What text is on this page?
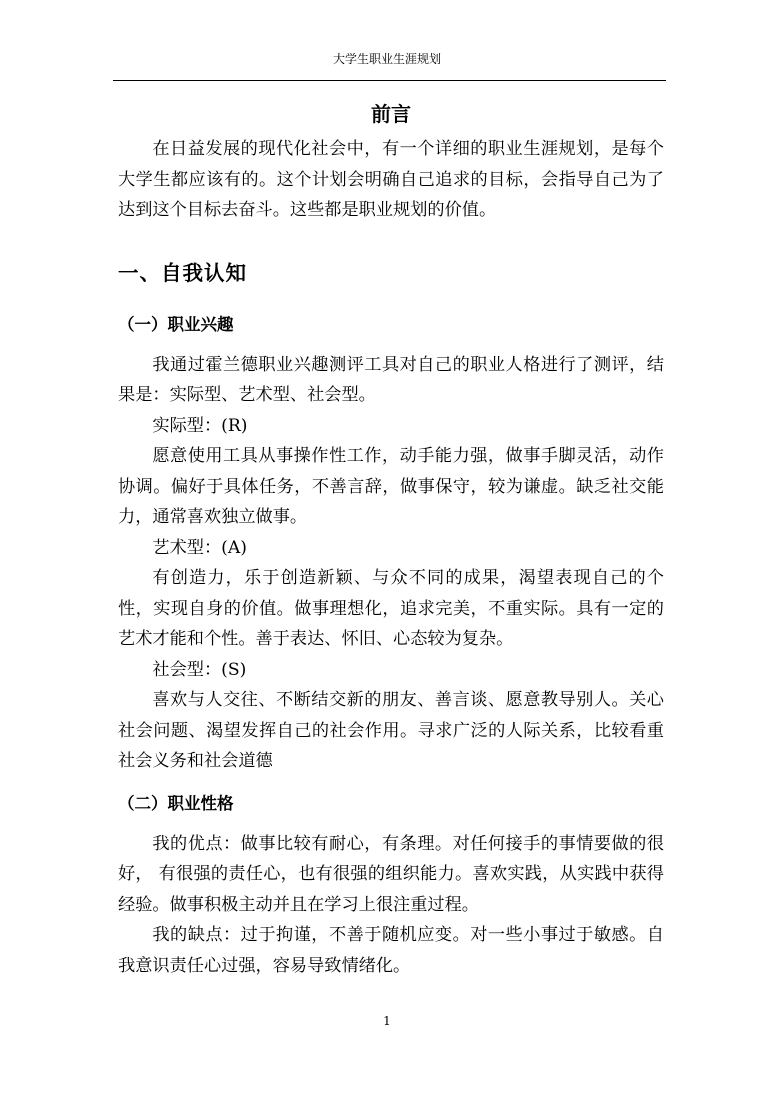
大学生职业生涯规划
前言

在日益发展的现代化社会中，有一个详细的职业生涯规划，是每个大学生都应该有的。这个计划会明确自己追求的目标，会指导自己为了达到这个目标去奋斗。这些都是职业规划的价值。

一、自我认知
（一）职业兴趣

我通过霍兰德职业兴趣测评工具对自己的职业人格进行了测评，结果是：实际型、艺术型、社会型。

实际型：(R)

愿意使用工具从事操作性工作，动手能力强，做事手脚灵活，动作协调。偏好于具体任务，不善言辞，做事保守，较为谦虚。缺乏社交能力，通常喜欢独立做事。

艺术型：(A)

有创造力，乐于创造新颖、与众不同的成果，渴望表现自己的个性，实现自身的价值。做事理想化，追求完美，不重实际。具有一定的艺术才能和个性。善于表达、怀旧、心态较为复杂。

社会型：(S)

喜欢与人交往、不断结交新的朋友、善言谈、愿意教导别人。关心社会问题、渴望发挥自己的社会作用。寻求广泛的人际关系，比较看重社会义务和社会道德

（二）职业性格

我的优点：做事比较有耐心，有条理。对任何接手的事情要做的很好， 有很强的责任心，也有很强的组织能力。喜欢实践，从实践中获得经验。做事积极主动并且在学习上很注重过程。

我的缺点：过于拘谨，不善于随机应变。对一些小事过于敏感。自我意识责任心过强，容易导致情绪化。

1
